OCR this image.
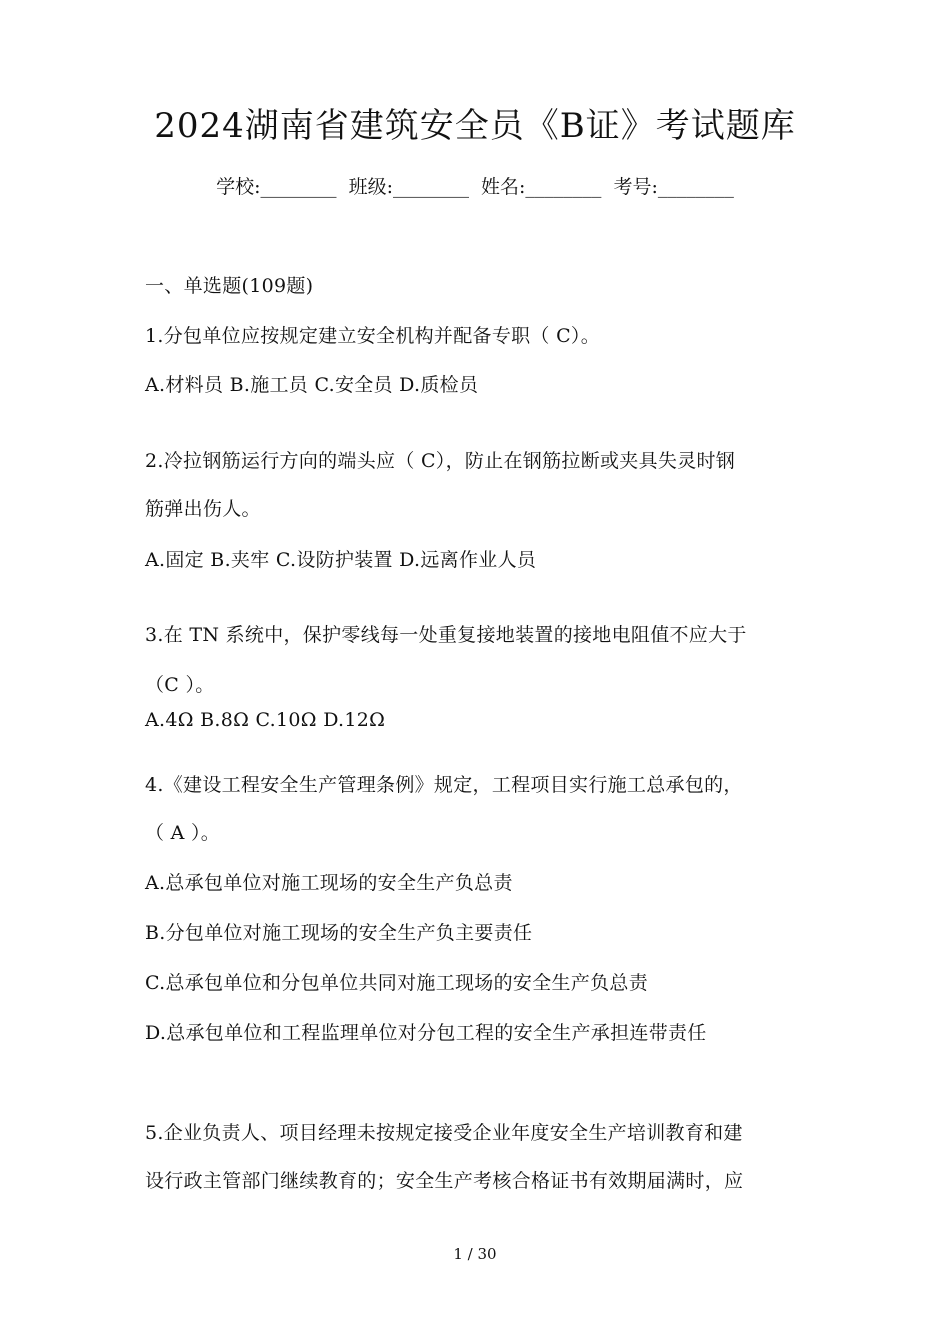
2024湖南省建筑安全员《B证》考试题库
学校:________ 班级:________ 姓名:________ 考号:________
一、单选题(109题)
1.分包单位应按规定建立安全机构并配备专职（ C）。
A.材料员 B.施工员 C.安全员 D.质检员
2.冷拉钢筋运行方向的端头应（ C），防止在钢筋拉断或夹具失灵时钢
筋弹出伤人。
A.固定 B.夹牢 C.设防护装置 D.远离作业人员
3.在 TN 系统中，保护零线每一处重复接地装置的接地电阻值不应大于
（C ）。
A.4Ω B.8Ω C.10Ω D.12Ω
4.《建设工程安全生产管理条例》规定，工程项目实行施工总承包的，
（ A ）。
A.总承包单位对施工现场的安全生产负总责
B.分包单位对施工现场的安全生产负主要责任
C.总承包单位和分包单位共同对施工现场的安全生产负总责
D.总承包单位和工程监理单位对分包工程的安全生产承担连带责任
5.企业负责人、项目经理未按规定接受企业年度安全生产培训教育和建
设行政主管部门继续教育的；安全生产考核合格证书有效期届满时，应
1 / 30
